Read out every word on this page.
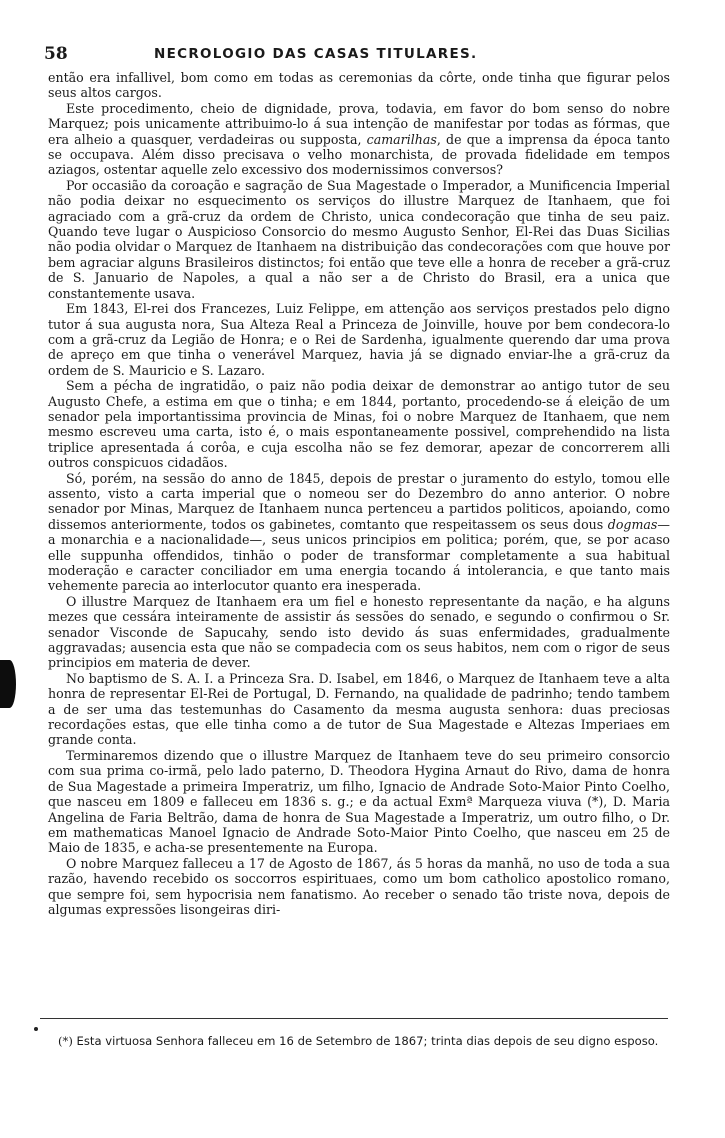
58	NECROLOGIO DAS CASAS TITULARES.

então era infallivel, bom como em todas as ceremonias da côrte, onde tinha que figurar pelos seus altos cargos.

Este procedimento, cheio de dignidade, prova, todavia, em favor do bom senso do nobre Marquez; pois unicamente attribuimo-lo á sua intenção de manifestar por todas as fórmas, que era alheio a quasquer, verdadeiras ou supposta, camarilhas, de que a imprensa da época tanto se occupava. Além disso precisava o velho monarchista, de provada fidelidade em tempos aziagos, ostentar aquelle zelo excessivo dos modernissimos conversos?

Por occasião da coroação e sagração de Sua Magestade o Imperador, a Munificencia Imperial não podia deixar no esquecimento os serviços do illustre Marquez de Itanhaem, que foi agraciado com a grã-cruz da ordem de Christo, unica condecoração que tinha de seu paiz. Quando teve lugar o Auspicioso Consorcio do mesmo Augusto Senhor, El-Rei das Duas Sicilias não podia olvidar o Marquez de Itanhaem na distribuição das condecorações com que houve por bem agraciar alguns Brasileiros distinctos; foi então que teve elle a honra de receber a grã-cruz de S. Januario de Napoles, a qual a não ser a de Christo do Brasil, era a unica que constantemente usava.

Em 1843, El-rei dos Francezes, Luiz Felippe, em attenção aos serviços prestados pelo digno tutor á sua augusta nora, Sua Alteza Real a Princeza de Joinville, houve por bem condecora-lo com a grã-cruz da Legião de Honra; e o Rei de Sardenha, igualmente querendo dar uma prova de apreço em que tinha o venerável Marquez, havia já se dignado enviar-lhe a grã-cruz da ordem de S. Mauricio e S. Lazaro.

Sem a pécha de ingratidão, o paiz não podia deixar de demonstrar ao antigo tutor de seu Augusto Chefe, a estima em que o tinha; e em 1844, portanto, procedendo-se á eleição de um senador pela importantissima provincia de Minas, foi o nobre Marquez de Itanhaem, que nem mesmo escreveu uma carta, isto é, o mais espontaneamente possivel, comprehendido na lista triplice apresentada á corôa, e cuja escolha não se fez demorar, apezar de concorrerem alli outros conspicuos cidadãos.

Só, porém, na sessão do anno de 1845, depois de prestar o juramento do estylo, tomou elle assento, visto a carta imperial que o nomeou ser do Dezembro do anno anterior. O nobre senador por Minas, Marquez de Itanhaem nunca pertenceu a partidos politicos, apoiando, como dissemos anteriormente, todos os gabinetes, comtanto que respeitassem os seus dous dogmas— a monarchia e a nacionalidade—, seus unicos principios em politica; porém, que, se por acaso elle suppunha offendidos, tinhão o poder de transformar completamente a sua habitual moderação e caracter conciliador em uma energia tocando á intolerancia, e que tanto mais vehemente parecia ao interlocutor quanto era inesperada.

O illustre Marquez de Itanhaem era um fiel e honesto representante da nação, e ha alguns mezes que cessára inteiramente de assistir ás sessões do senado, e segundo o confirmou o Sr. senador Visconde de Sapucahy, sendo isto devido ás suas enfermidades, gradualmente aggravadas; ausencia esta que não se compadecia com os seus habitos, nem com o rigor de seus principios em materia de dever.

No baptismo de S. A. I. a Princeza Sra. D. Isabel, em 1846, o Marquez de Itanhaem teve a alta honra de representar El-Rei de Portugal, D. Fernando, na qualidade de padrinho; tendo tambem a de ser uma das testemunhas do Casamento da mesma augusta senhora: duas preciosas recordações estas, que elle tinha como a de tutor de Sua Magestade e Altezas Imperiaes em grande conta.

Terminaremos dizendo que o illustre Marquez de Itanhaem teve do seu primeiro consorcio com sua prima co-irmã, pelo lado paterno, D. Theodora Hygina Arnaut do Rivo, dama de honra de Sua Magestade a primeira Imperatriz, um filho, Ignacio de Andrade Soto-Maior Pinto Coelho, que nasceu em 1809 e falleceu em 1836 s. g.; e da actual Exmª Marqueza viuva (*), D. Maria Angelina de Faria Beltrão, dama de honra de Sua Magestade a Imperatriz, um outro filho, o Dr. em mathematicas Manoel Ignacio de Andrade Soto-Maior Pinto Coelho, que nasceu em 25 de Maio de 1835, e acha-se presentemente na Europa.

O nobre Marquez falleceu a 17 de Agosto de 1867, ás 5 horas da manhã, no uso de toda a sua razão, havendo recebido os soccorros espirituaes, como um bom catholico apostolico romano, que sempre foi, sem hypocrisia nem fanatismo. Ao receber o senado tão triste nova, depois de algumas expressões lisongeiras diri-

(*) Esta virtuosa Senhora falleceu em 16 de Setembro de 1867; trinta dias depois de seu digno esposo.
